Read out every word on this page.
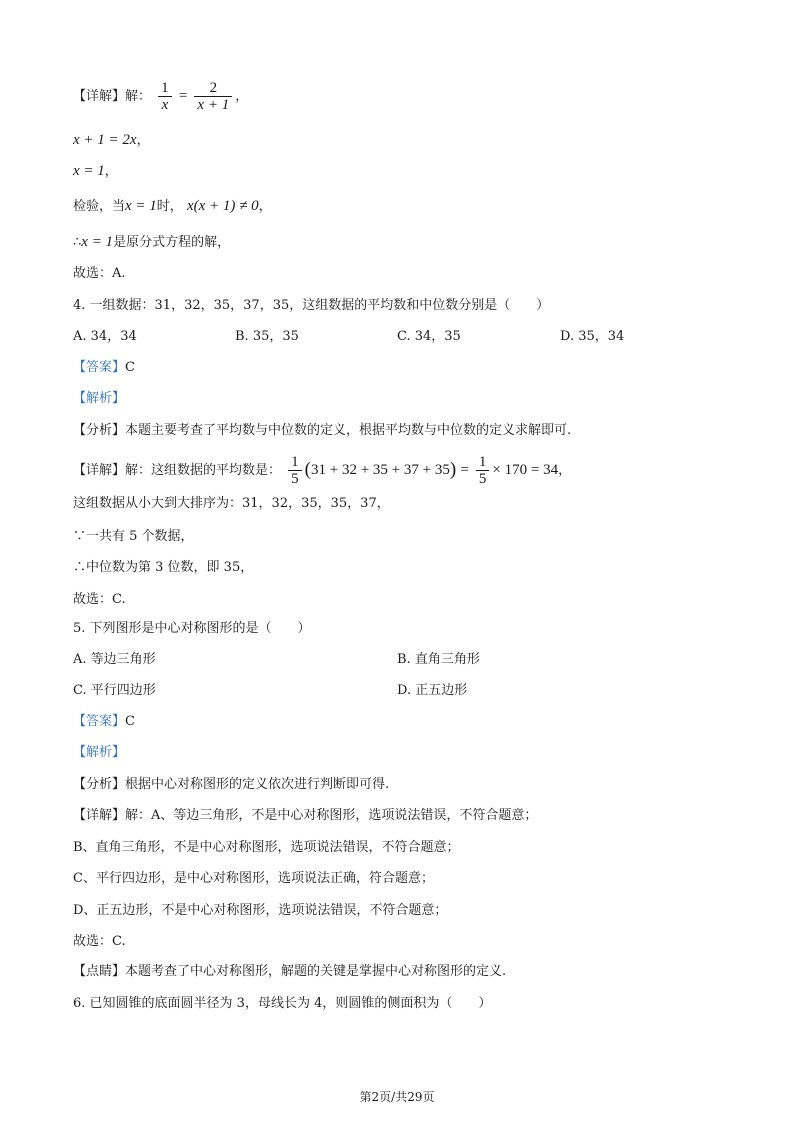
【详解】解： $\frac{1}{x} = \frac{2}{x + 1}$ ，
x + 1 = 2x，
x = 1，
检验，当x = 1时， x(x + 1) ≠ 0，
∴x = 1是原分式方程的解，
故选：A.
4. 一组数据：31，32，35，37，35，这组数据的平均数和中位数分别是（　　）
A. 34，34	B. 35，35	C. 34，35	D. 35，34
【答案】C
【解析】
【分析】本题主要考查了平均数与中位数的定义，根据平均数与中位数的定义求解即可.
【详解】解：这组数据的平均数是： $\frac{1}{5} (31 + 32 + 35 + 37 + 35) = \frac{1}{5} \times 170 = 34$，
这组数据从小大到大排序为：31，32，35，35，37，
∵一共有 5 个数据，
∴中位数为第 3 位数，即 35，
故选：C.
5. 下列图形是中心对称图形的是（　　）
A. 等边三角形	B. 直角三角形
C. 平行四边形	D. 正五边形
【答案】C
【解析】
【分析】根据中心对称图形的定义依次进行判断即可得.
【详解】解：A、等边三角形，不是中心对称图形，选项说法错误，不符合题意；
B、直角三角形，不是中心对称图形，选项说法错误，不符合题意；
C、平行四边形，是中心对称图形，选项说法正确，符合题意；
D、正五边形，不是中心对称图形，选项说法错误，不符合题意；
故选：C.
【点睛】本题考查了中心对称图形，解题的关键是掌握中心对称图形的定义.
6. 已知圆锥的底面圆半径为 3，母线长为 4，则圆锥的侧面积为（　　）
第2页/共29页
